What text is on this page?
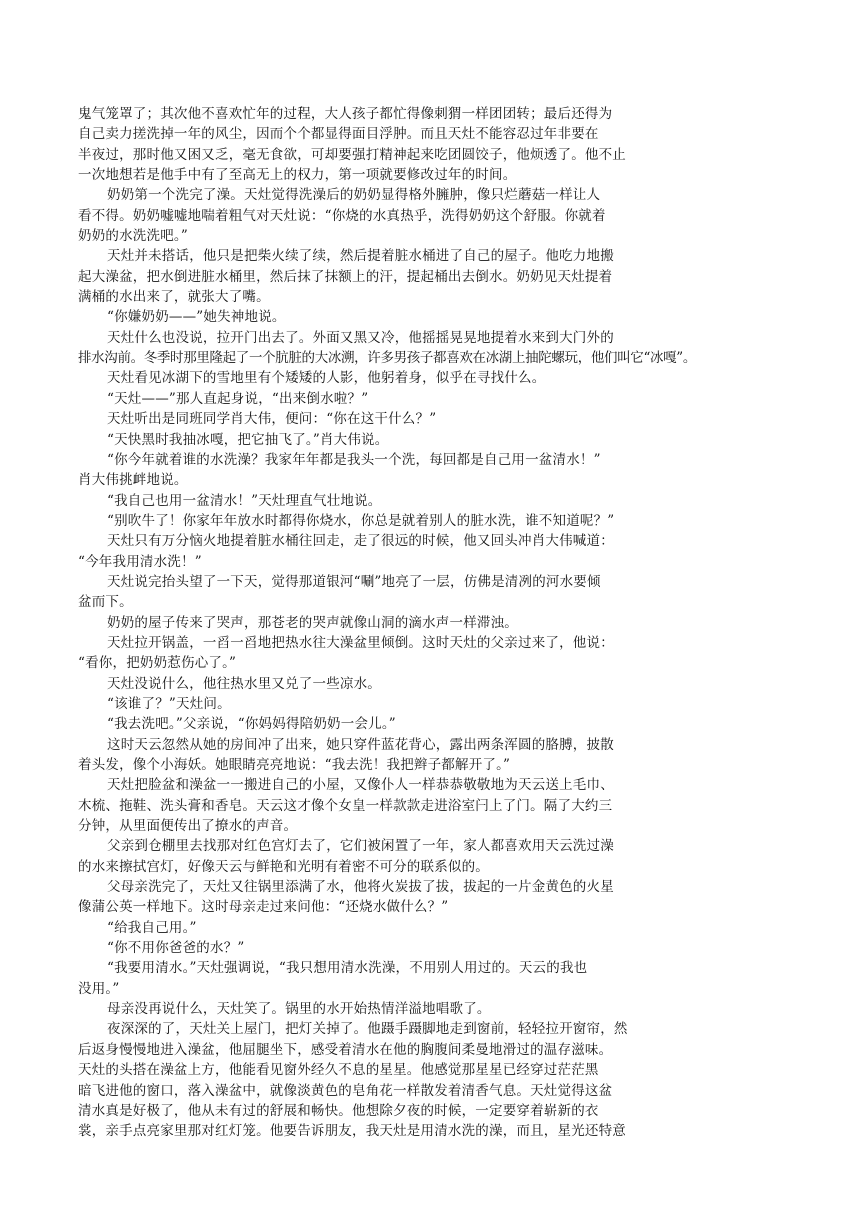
鬼气笼罩了；其次他不喜欢忙年的过程，大人孩子都忙得像刺猬一样团团转；最后还得为
自己卖力搓洗掉一年的风尘，因而个个都显得面目浮肿。而且天灶不能容忍过年非要在
半夜过，那时他又困又乏，毫无食欲，可却要强打精神起来吃团圆饺子，他烦透了。他不止
一次地想若是他手中有了至高无上的权力，第一项就要修改过年的时间。
奶奶第一个洗完了澡。天灶觉得洗澡后的奶奶显得格外臃肿，像只烂蘑菇一样让人
看不得。奶奶嘘嘘地喘着粗气对天灶说：“你烧的水真热乎，洗得奶奶这个舒服。你就着
奶奶的水洗洗吧。”
天灶并未搭话，他只是把柴火续了续，然后提着脏水桶进了自己的屋子。他吃力地搬
起大澡盆，把水倒进脏水桶里，然后抹了抹额上的汗，提起桶出去倒水。奶奶见天灶提着
满桶的水出来了，就张大了嘴。
“你嫌奶奶——”她失神地说。
天灶什么也没说，拉开门出去了。外面又黑又冷，他摇摇晃晃地提着水来到大门外的
排水沟前。冬季时那里隆起了一个肮脏的大冰溯，许多男孩子都喜欢在冰湖上抽陀螺玩，他们叫它“冰嘎”。
天灶看见冰湖下的雪地里有个矮矮的人影，他躬着身，似乎在寻找什么。
“天灶——”那人直起身说，“出来倒水啦？”
天灶听出是同班同学肖大伟，便问：“你在这干什么？”
“天快黑时我抽冰嘎，把它抽飞了。”肖大伟说。
“你今年就着谁的水洗澡？我家年年都是我头一个洗，每回都是自己用一盆清水！”
肖大伟挑衅地说。
“我自己也用一盆清水！”天灶理直气壮地说。
“别吹牛了！你家年年放水时都得你烧水，你总是就着别人的脏水洗，谁不知道呢？”
天灶只有万分恼火地提着脏水桶往回走，走了很远的时候，他又回头冲肖大伟喊道：
“今年我用清水洗！”
天灶说完抬头望了一下天，觉得那道银河“唰”地亮了一层，仿佛是清冽的河水要倾
盆而下。
奶奶的屋子传来了哭声，那苍老的哭声就像山洞的滴水声一样滞浊。
天灶拉开锅盖，一舀一舀地把热水往大澡盆里倾倒。这时天灶的父亲过来了，他说：
“看你，把奶奶惹伤心了。”
天灶没说什么，他往热水里又兑了一些凉水。
“该谁了？”天灶问。
“我去洗吧。”父亲说，“你妈妈得陪奶奶一会儿。”
这时天云忽然从她的房间冲了出来，她只穿件蓝花背心，露出两条浑圆的胳膊，披散
着头发，像个小海妖。她眼睛亮亮地说：“我去洗！我把辫子都解开了。”
天灶把脸盆和澡盆一一搬进自己的小屋，又像仆人一样恭恭敬敬地为天云送上毛巾、
木梳、拖鞋、洗头膏和香皂。天云这才像个女皇一样款款走进浴室闩上了门。隔了大约三
分钟，从里面便传出了撩水的声音。
父亲到仓棚里去找那对红色宫灯去了，它们被闲置了一年，家人都喜欢用天云洗过澡
的水来擦拭宫灯，好像天云与鲜艳和光明有着密不可分的联系似的。
父母亲洗完了，天灶又往锅里添满了水，他将火炭拔了拔，拔起的一片金黄色的火星
像蒲公英一样地下。这时母亲走过来问他：“还烧水做什么？”
“给我自己用。”
“你不用你爸爸的水？”
“我要用清水。”天灶强调说，“我只想用清水洗澡，不用别人用过的。天云的我也
没用。”
母亲没再说什么，天灶笑了。锅里的水开始热情洋溢地唱歌了。
夜深深的了，天灶关上屋门，把灯关掉了。他蹑手蹑脚地走到窗前，轻轻拉开窗帘，然
后返身慢慢地进入澡盆，他屈腿坐下，感受着清水在他的胸腹间柔曼地滑过的温存滋味。
天灶的头搭在澡盆上方，他能看见窗外经久不息的星星。他感觉那星星已经穿过茫茫黑
暗飞进他的窗口，落入澡盆中，就像淡黄色的皂角花一样散发着清香气息。天灶觉得这盆
清水真是好极了，他从未有过的舒展和畅快。他想除夕夜的时候，一定要穿着崭新的衣
裳，亲手点亮家里那对红灯笼。他要告诉朋友，我天灶是用清水洗的澡，而且，星光还特意
